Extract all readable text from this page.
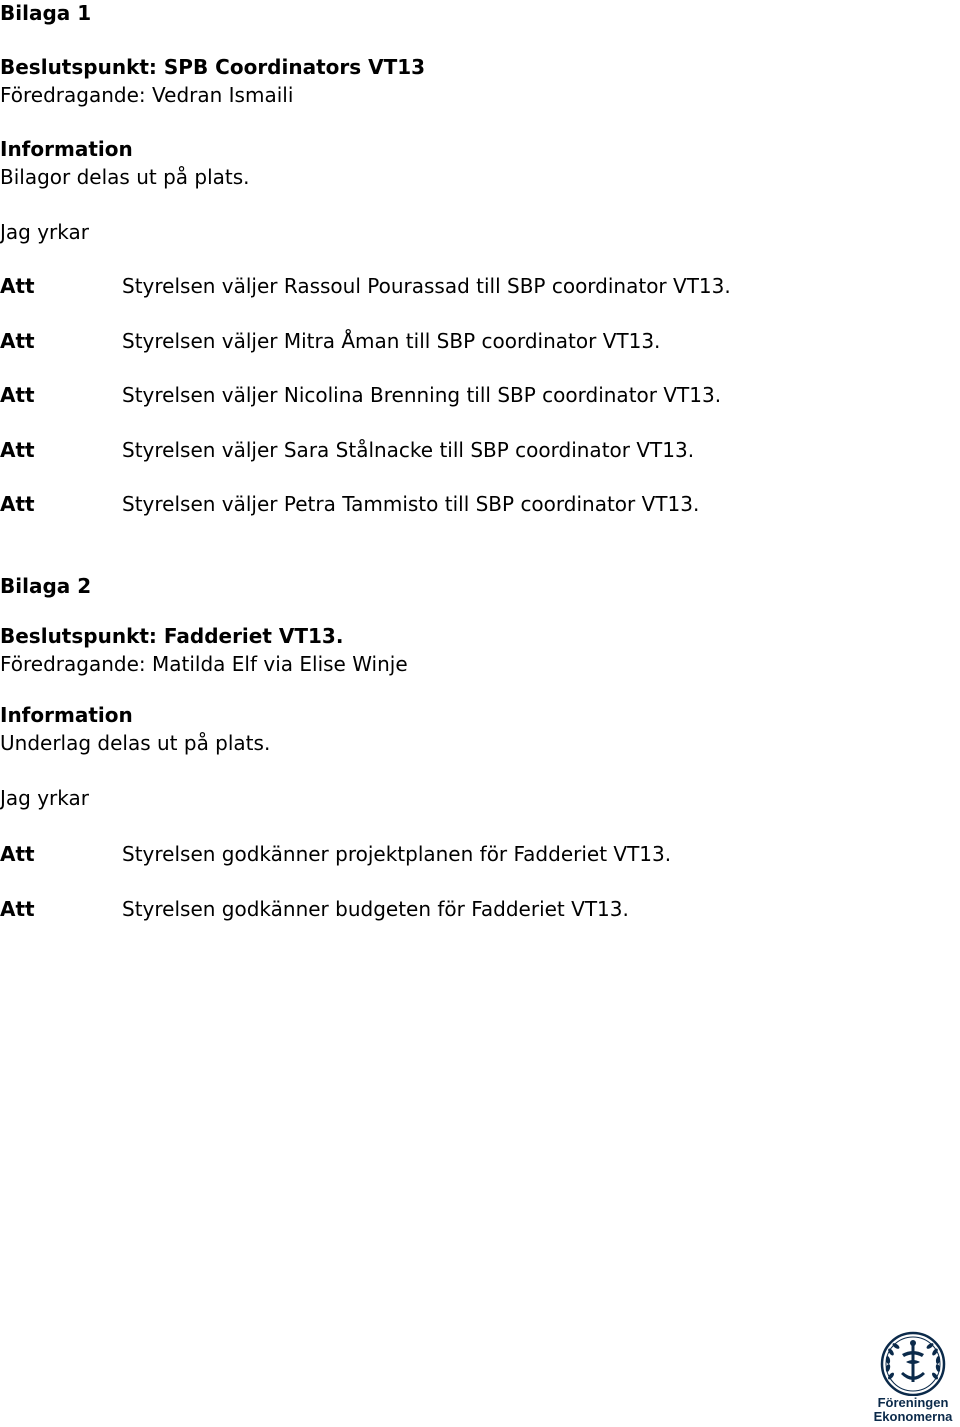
Bilaga 1
Beslutspunkt: SPB Coordinators VT13
Föredragande: Vedran Ismaili
Information
Bilagor delas ut på plats.
Jag yrkar
Att	Styrelsen väljer Rassoul Pourassad till SBP coordinator VT13.
Att	Styrelsen väljer Mitra Åman till SBP coordinator VT13.
Att	Styrelsen väljer Nicolina Brenning till SBP coordinator VT13.
Att	Styrelsen väljer Sara Stålnacke till SBP coordinator VT13.
Att	Styrelsen väljer Petra Tammisto till SBP coordinator VT13.
Bilaga 2
Beslutspunkt: Fadderiet VT13.
Föredragande: Matilda Elf via Elise Winje
Information
Underlag delas ut på plats.
Jag yrkar
Att	Styrelsen godkänner projektplanen för Fadderiet VT13.
Att	Styrelsen godkänner budgeten för Fadderiet VT13.
Föreningen
Ekonomerna
